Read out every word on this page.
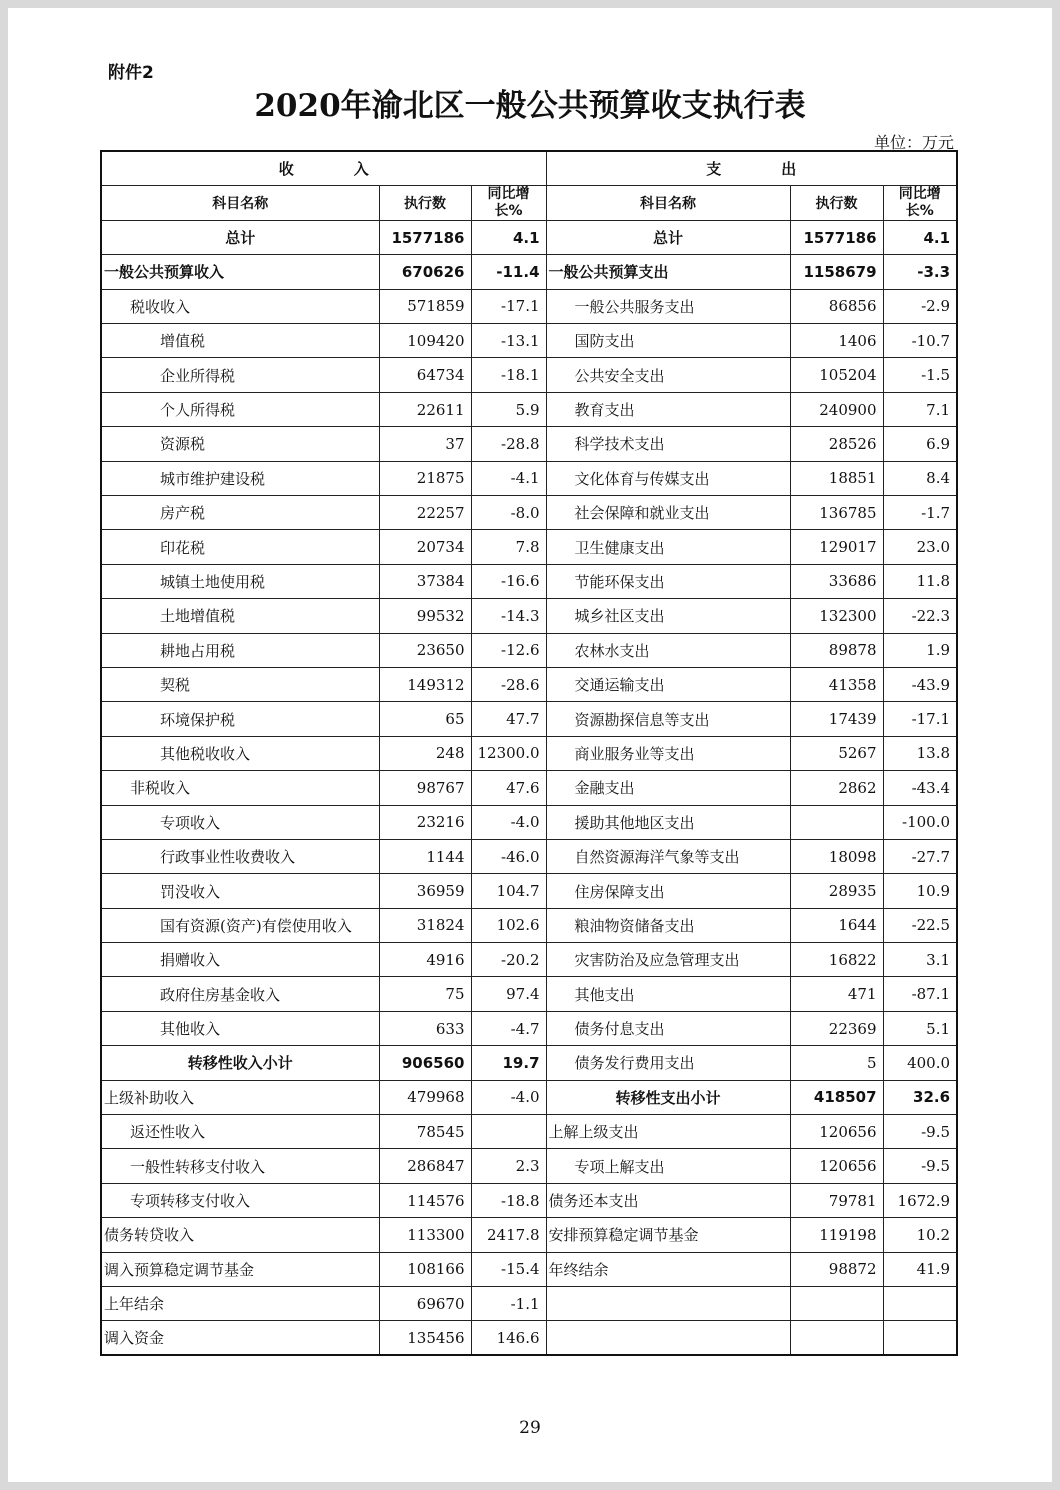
附件2
2020年渝北区一般公共预算收支执行表
单位：万元
收　　　　入			支　　　　出		
科目名称	执行数	同比增长%	科目名称	执行数	同比增长%
总计	1577186	4.1	总计	1577186	4.1
一般公共预算收入	670626	-11.4	一般公共预算支出	1158679	-3.3
税收收入	571859	-17.1	一般公共服务支出	86856	-2.9
增值税	109420	-13.1	国防支出	1406	-10.7
企业所得税	64734	-18.1	公共安全支出	105204	-1.5
个人所得税	22611	5.9	教育支出	240900	7.1
资源税	37	-28.8	科学技术支出	28526	6.9
城市维护建设税	21875	-4.1	文化体育与传媒支出	18851	8.4
房产税	22257	-8.0	社会保障和就业支出	136785	-1.7
印花税	20734	7.8	卫生健康支出	129017	23.0
城镇土地使用税	37384	-16.6	节能环保支出	33686	11.8
土地增值税	99532	-14.3	城乡社区支出	132300	-22.3
耕地占用税	23650	-12.6	农林水支出	89878	1.9
契税	149312	-28.6	交通运输支出	41358	-43.9
环境保护税	65	47.7	资源勘探信息等支出	17439	-17.1
其他税收收入	248	12300.0	商业服务业等支出	5267	13.8
非税收入	98767	47.6	金融支出	2862	-43.4
专项收入	23216	-4.0	援助其他地区支出		-100.0
行政事业性收费收入	1144	-46.0	自然资源海洋气象等支出	18098	-27.7
罚没收入	36959	104.7	住房保障支出	28935	10.9
国有资源(资产)有偿使用收入	31824	102.6	粮油物资储备支出	1644	-22.5
捐赠收入	4916	-20.2	灾害防治及应急管理支出	16822	3.1
政府住房基金收入	75	97.4	其他支出	471	-87.1
其他收入	633	-4.7	债务付息支出	22369	5.1
转移性收入小计	906560	19.7	债务发行费用支出	5	400.0
上级补助收入	479968	-4.0	转移性支出小计	418507	32.6
返还性收入	78545		上解上级支出	120656	-9.5
一般性转移支付收入	286847	2.3	专项上解支出	120656	-9.5
专项转移支付收入	114576	-18.8	债务还本支出	79781	1672.9
债务转贷收入	113300	2417.8	安排预算稳定调节基金	119198	10.2
调入预算稳定调节基金	108166	-15.4	年终结余	98872	41.9
上年结余	69670	-1.1			
调入资金	135456	146.6			
29
